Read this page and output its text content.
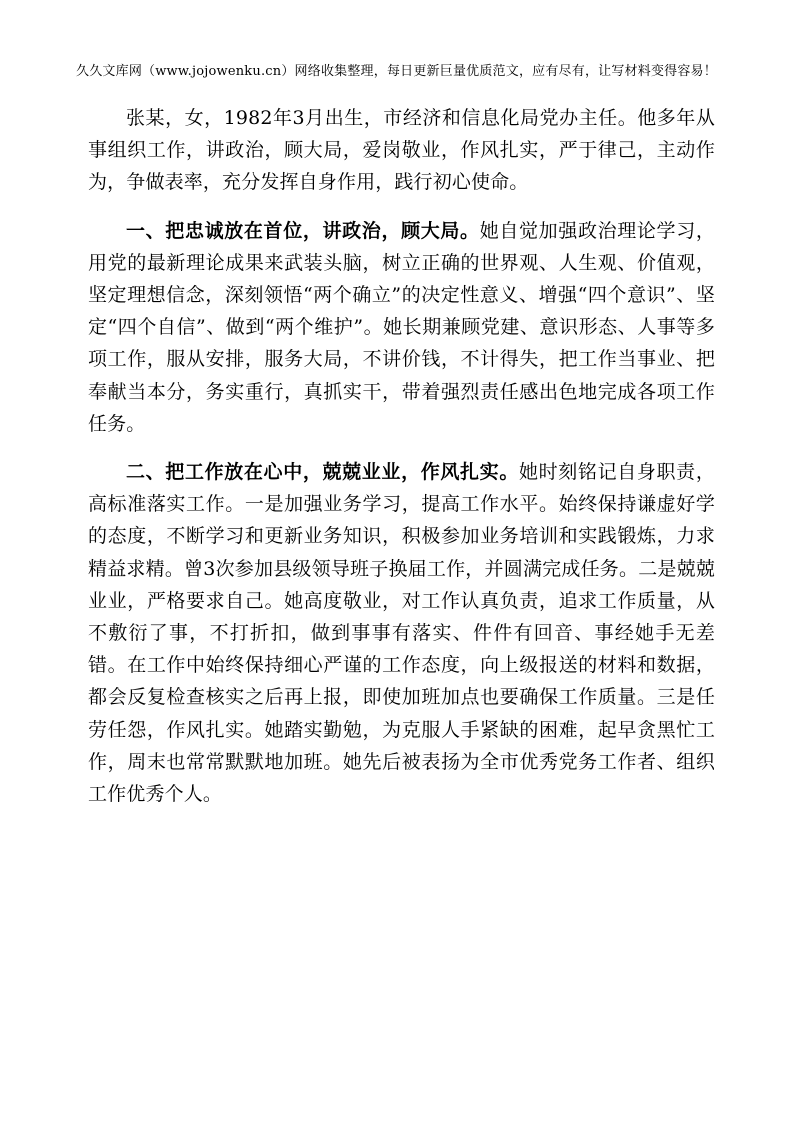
久久文库网（www.jojowenku.cn）网络收集整理，每日更新巨量优质范文，应有尽有，让写材料变得容易！

张某，女，1982年3月出生，市经济和信息化局党办主任。他多年从事组织工作，讲政治，顾大局，爱岗敬业，作风扎实，严于律己，主动作为，争做表率，充分发挥自身作用，践行初心使命。

一、把忠诚放在首位，讲政治，顾大局。她自觉加强政治理论学习，用党的最新理论成果来武装头脑，树立正确的世界观、人生观、价值观，坚定理想信念，深刻领悟“两个确立”的决定性意义、增强“四个意识”、坚定“四个自信”、做到“两个维护”。她长期兼顾党建、意识形态、人事等多项工作，服从安排，服务大局，不讲价钱，不计得失，把工作当事业、把奉献当本分，务实重行，真抓实干，带着强烈责任感出色地完成各项工作任务。

二、把工作放在心中，兢兢业业，作风扎实。她时刻铭记自身职责，高标准落实工作。一是加强业务学习，提高工作水平。始终保持谦虚好学的态度，不断学习和更新业务知识，积极参加业务培训和实践锻炼，力求精益求精。曾3次参加县级领导班子换届工作，并圆满完成任务。二是兢兢业业，严格要求自己。她高度敬业，对工作认真负责，追求工作质量，从不敷衍了事，不打折扣，做到事事有落实、件件有回音、事经她手无差错。在工作中始终保持细心严谨的工作态度，向上级报送的材料和数据，都会反复检查核实之后再上报，即使加班加点也要确保工作质量。三是任劳任怨，作风扎实。她踏实勤勉，为克服人手紧缺的困难，起早贪黑忙工作，周末也常常默默地加班。她先后被表扬为全市优秀党务工作者、组织工作优秀个人。
